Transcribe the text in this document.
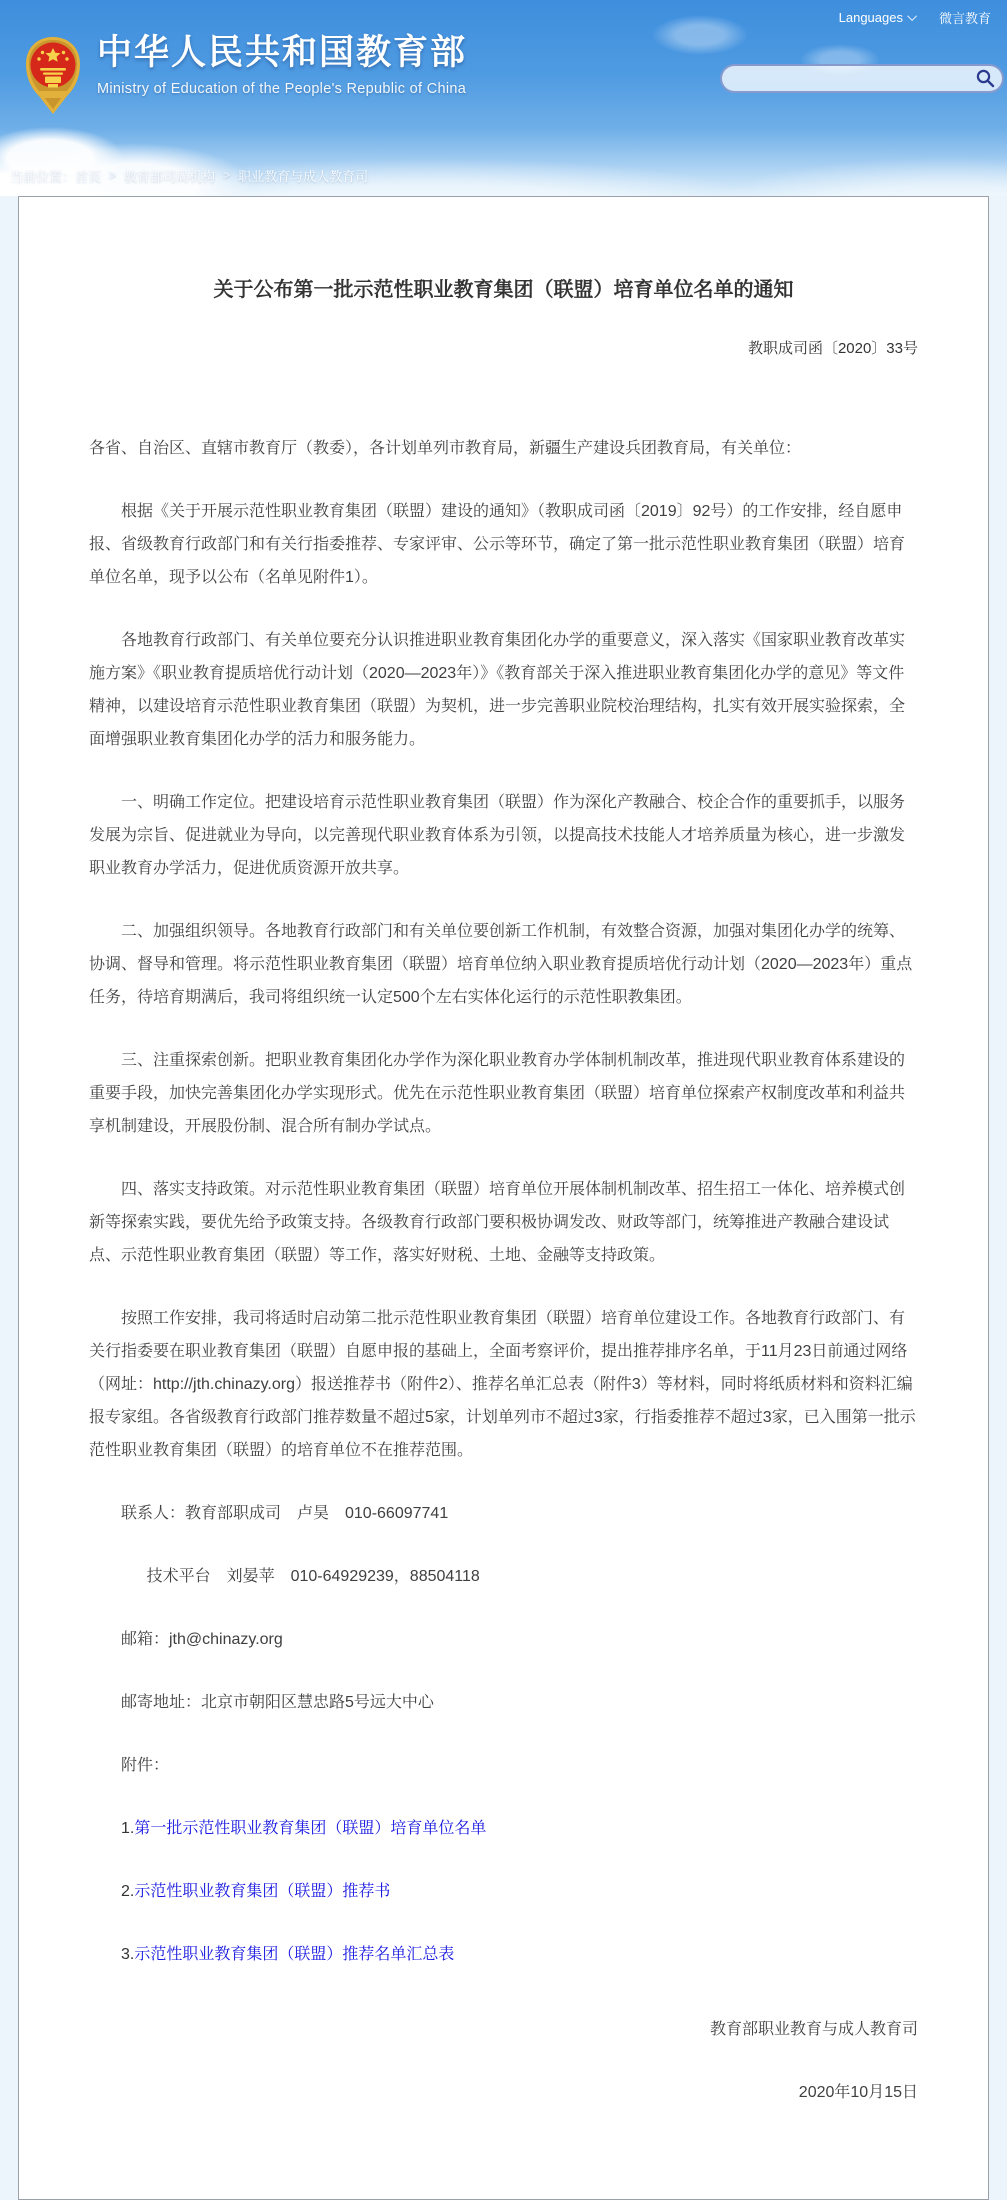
Languages	微言教育
中华人民共和国教育部
Ministry of Education of the People's Republic of China
当前位置： 首页 > 教育部司局机构 > 职业教育与成人教育司
关于公布第一批示范性职业教育集团（联盟）培育单位名单的通知
教职成司函〔2020〕33号

各省、自治区、直辖市教育厅（教委），各计划单列市教育局，新疆生产建设兵团教育局，有关单位：

根据《关于开展示范性职业教育集团（联盟）建设的通知》（教职成司函〔2019〕92号）的工作安排，经自愿申报、省级教育行政部门和有关行指委推荐、专家评审、公示等环节，确定了第一批示范性职业教育集团（联盟）培育单位名单，现予以公布（名单见附件1）。

各地教育行政部门、有关单位要充分认识推进职业教育集团化办学的重要意义，深入落实《国家职业教育改革实施方案》《职业教育提质培优行动计划（2020—2023年）》《教育部关于深入推进职业教育集团化办学的意见》等文件精神，以建设培育示范性职业教育集团（联盟）为契机，进一步完善职业院校治理结构，扎实有效开展实验探索，全面增强职业教育集团化办学的活力和服务能力。

一、明确工作定位。把建设培育示范性职业教育集团（联盟）作为深化产教融合、校企合作的重要抓手，以服务发展为宗旨、促进就业为导向，以完善现代职业教育体系为引领，以提高技术技能人才培养质量为核心，进一步激发职业教育办学活力，促进优质资源开放共享。

二、加强组织领导。各地教育行政部门和有关单位要创新工作机制，有效整合资源，加强对集团化办学的统筹、协调、督导和管理。将示范性职业教育集团（联盟）培育单位纳入职业教育提质培优行动计划（2020—2023年）重点任务，待培育期满后，我司将组织统一认定500个左右实体化运行的示范性职教集团。

三、注重探索创新。把职业教育集团化办学作为深化职业教育办学体制机制改革，推进现代职业教育体系建设的重要手段，加快完善集团化办学实现形式。优先在示范性职业教育集团（联盟）培育单位探索产权制度改革和利益共享机制建设，开展股份制、混合所有制办学试点。

四、落实支持政策。对示范性职业教育集团（联盟）培育单位开展体制机制改革、招生招工一体化、培养模式创新等探索实践，要优先给予政策支持。各级教育行政部门要积极协调发改、财政等部门，统筹推进产教融合建设试点、示范性职业教育集团（联盟）等工作，落实好财税、土地、金融等支持政策。

按照工作安排，我司将适时启动第二批示范性职业教育集团（联盟）培育单位建设工作。各地教育行政部门、有关行指委要在职业教育集团（联盟）自愿申报的基础上，全面考察评价，提出推荐排序名单，于11月23日前通过网络（网址：http://jth.chinazy.org）报送推荐书（附件2）、推荐名单汇总表（附件3）等材料，同时将纸质材料和资料汇编报专家组。各省级教育行政部门推荐数量不超过5家，计划单列市不超过3家，行指委推荐不超过3家，已入围第一批示范性职业教育集团（联盟）的培育单位不在推荐范围。

联系人：教育部职成司　卢昊　010-66097741

技术平台　刘晏苹　010-64929239，88504118

邮箱：jth@chinazy.org

邮寄地址：北京市朝阳区慧忠路5号远大中心

附件：

1.第一批示范性职业教育集团（联盟）培育单位名单

2.示范性职业教育集团（联盟）推荐书

3.示范性职业教育集团（联盟）推荐名单汇总表

教育部职业教育与成人教育司

2020年10月15日
